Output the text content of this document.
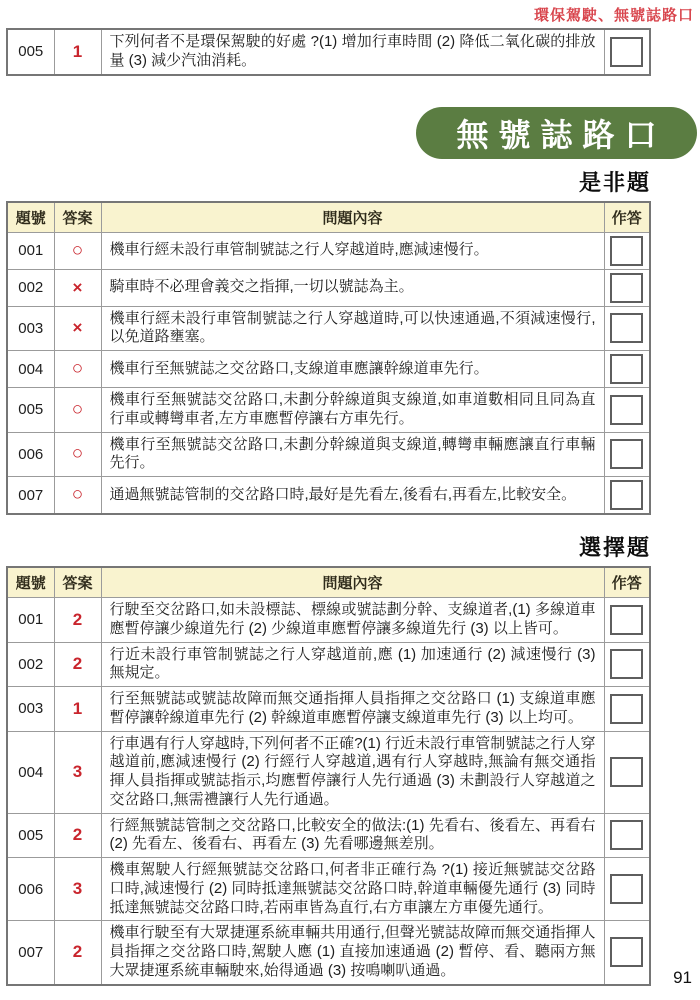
環保駕駛、無號誌路口
005	1	下列何者不是環保駕駛的好處 ?(1) 增加行車時間 (2) 降低二氧化碳的排放量 (3) 減少汽油消耗。	
無號誌路口
是非題
題號	答案	問題內容	作答
001	○	機車行經未設行車管制號誌之行人穿越道時,應減速慢行。	

002	×	騎車時不必理會義交之指揮,一切以號誌為主。	

003	×	機車行經未設行車管制號誌之行人穿越道時,可以快速通過,不須減速慢行,以免道路壅塞。	

004	○	機車行至無號誌之交岔路口,支線道車應讓幹線道車先行。	

005	○	機車行至無號誌交岔路口,未劃分幹線道與支線道,如車道數相同且同為直行車或轉彎車者,左方車應暫停讓右方車先行。	

006	○	機車行至無號誌交岔路口,未劃分幹線道與支線道,轉彎車輛應讓直行車輛先行。	

007	○	通過無號誌管制的交岔路口時,最好是先看左,後看右,再看左,比較安全。	
選擇題
題號	答案	問題內容	作答
001	2	行駛至交岔路口,如未設標誌、標線或號誌劃分幹、支線道者,(1) 多線道車應暫停讓少線道先行 (2) 少線道車應暫停讓多線道先行 (3) 以上皆可。	

002	2	行近未設行車管制號誌之行人穿越道前,應 (1) 加速通行 (2) 減速慢行 (3) 無規定。	

003	1	行至無號誌或號誌故障而無交通指揮人員指揮之交岔路口 (1) 支線道車應暫停讓幹線道車先行 (2) 幹線道車應暫停讓支線道車先行 (3) 以上均可。	

004	3	行車遇有行人穿越時,下列何者不正確?(1) 行近未設行車管制號誌之行人穿越道前,應減速慢行 (2) 行經行人穿越道,遇有行人穿越時,無論有無交通指揮人員指揮或號誌指示,均應暫停讓行人先行通過 (3) 未劃設行人穿越道之交岔路口,無需禮讓行人先行通過。	

005	2	行經無號誌管制之交岔路口,比較安全的做法:(1) 先看右、後看左、再看右 (2) 先看左、後看右、再看左 (3) 先看哪邊無差別。	

006	3	機車駕駛人行經無號誌交岔路口,何者非正確行為 ?(1) 接近無號誌交岔路口時,減速慢行 (2) 同時抵達無號誌交岔路口時,幹道車輛優先通行 (3) 同時抵達無號誌交岔路口時,若兩車皆為直行,右方車讓左方車優先通行。	

007	2	機車行駛至有大眾捷運系統車輛共用通行,但聲光號誌故障而無交通指揮人員指揮之交岔路口時,駕駛人應 (1) 直接加速通過 (2) 暫停、看、聽兩方無大眾捷運系統車輛駛來,始得通過 (3) 按鳴喇叭通過。		91
